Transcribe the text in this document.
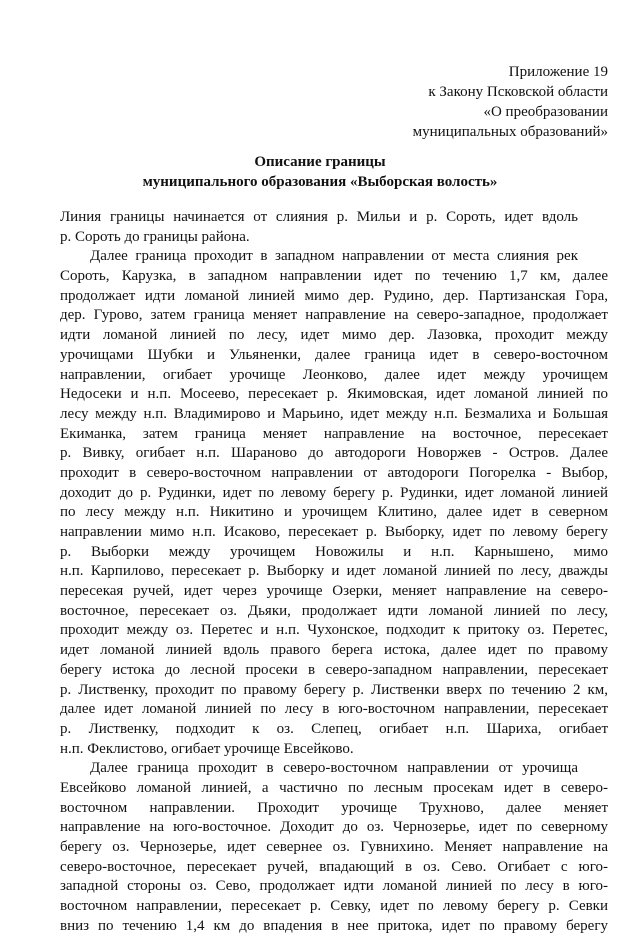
Приложение 19
к Закону Псковской области
«О преобразовании
муниципальных образований»
Описание границы
муниципального образования «Выборская волость»
Линия границы начинается от слияния р. Мильи и р. Сороть, идет вдоль
р. Сороть до границы района.
Далее граница проходит в западном направлении от места слияния рек
Сороть, Карузка, в западном направлении идет по течению 1,7 км, далее
продолжает идти ломаной линией мимо дер. Рудино, дер. Партизанская Гора,
дер. Гурово, затем граница меняет направление на северо-западное, продолжает
идти ломаной линией по лесу, идет мимо дер. Лазовка, проходит между
урочищами Шубки и Ульяненки, далее граница идет в северо-восточном
направлении, огибает урочище Леонково, далее идет между урочищем
Недосеки и н.п. Мосеево, пересекает р. Якимовская, идет ломаной линией по
лесу между н.п. Владимирово и Марьино, идет между н.п. Безмалиха и Большая
Екиманка, затем граница меняет направление на восточное, пересекает
р. Вивку, огибает н.п. Шараново до автодороги Новоржев - Остров. Далее
проходит в северо-восточном направлении от автодороги Погорелка - Выбор,
доходит до р. Рудинки, идет по левому берегу р. Рудинки, идет ломаной линией
по лесу между н.п. Никитино и урочищем Клитино, далее идет в северном
направлении мимо н.п. Исаково, пересекает р. Выборку, идет по левому берегу
р. Выборки между урочищем Новожилы и н.п. Карнышено, мимо
н.п. Карпилово, пересекает р. Выборку и идет ломаной линией по лесу, дважды
пересекая ручей, идет через урочище Озерки, меняет направление на северо-
восточное, пересекает оз. Дьяки, продолжает идти ломаной линией по лесу,
проходит между оз. Перетес и н.п. Чухонское, подходит к притоку оз. Перетес,
идет ломаной линией вдоль правого берега истока, далее идет по правому
берегу истока до лесной просеки в северо-западном направлении, пересекает
р. Лиственку, проходит по правому берегу р. Лиственки вверх по течению 2 км,
далее идет ломаной линией по лесу в юго-восточном направлении, пересекает
р. Лиственку, подходит к оз. Слепец, огибает н.п. Шариха, огибает
н.п. Феклистово, огибает урочище Евсейково.
Далее граница проходит в северо-восточном направлении от урочища
Евсейково ломаной линией, а частично по лесным просекам идет в северо-
восточном направлении. Проходит урочище Трухново, далее меняет
направление на юго-восточное. Доходит до оз. Чернозерье, идет по северному
берегу оз. Чернозерье, идет севернее оз. Гувнихино. Меняет направление на
северо-восточное, пересекает ручей, впадающий в оз. Сево. Огибает с юго-
западной стороны оз. Сево, продолжает идти ломаной линией по лесу в юго-
восточном направлении, пересекает р. Севку, идет по левому берегу р. Севки
вниз по течению 1,4 км до впадения в нее притока, идет по правому берегу
